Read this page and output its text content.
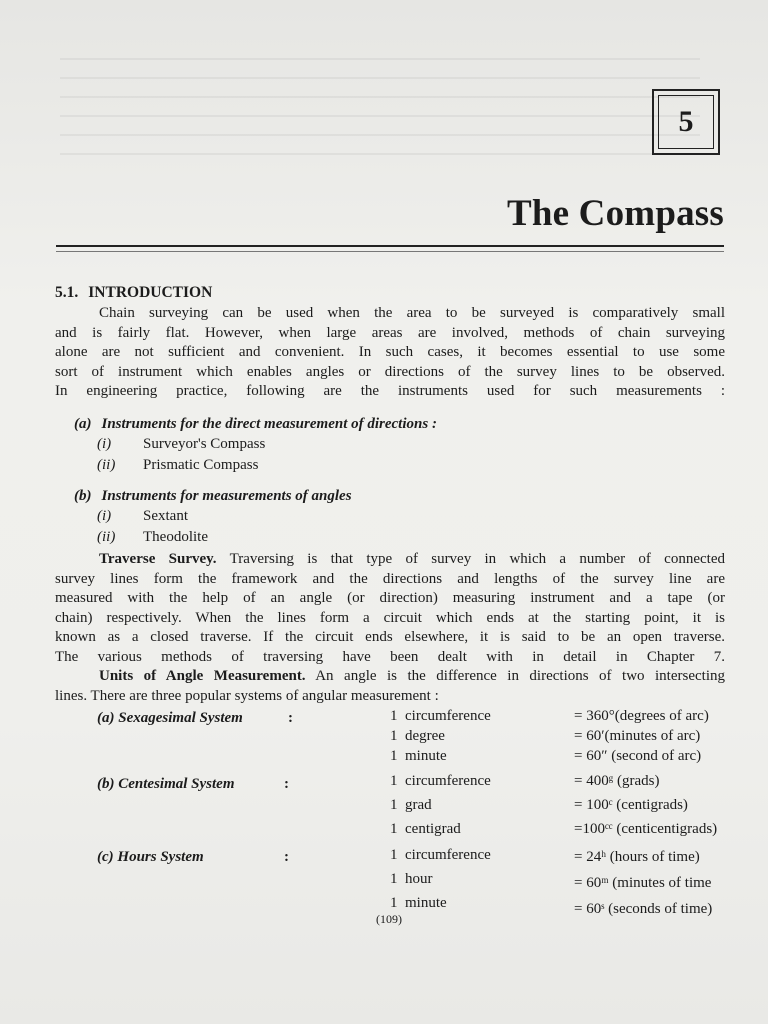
5
The Compass
5.1. INTRODUCTION
Chain surveying can be used when the area to be surveyed is comparatively small
and is fairly flat. However, when large areas are involved, methods of chain surveying
alone are not sufficient and convenient. In such cases, it becomes essential to use some
sort of instrument which enables angles or directions of the survey lines to be observed.
In engineering practice, following are the instruments used for such measurements :
(a) Instruments for the direct measurement of directions :
(i) Surveyor's Compass
(ii) Prismatic Compass
(b) Instruments for measurements of angles
(i) Sextant
(ii) Theodolite
Traverse Survey. Traversing is that type of survey in which a number of connected
survey lines form the framework and the directions and lengths of the survey line are
measured with the help of an angle (or direction) measuring instrument and a tape (or
chain) respectively. When the lines form a circuit which ends at the starting point, it is
known as a closed traverse. If the circuit ends elsewhere, it is said to be an open traverse.
The various methods of traversing have been dealt with in detail in Chapter 7.
Units of Angle Measurement. An angle is the difference in directions of two intersecting
lines. There are three popular systems of angular measurement :
(a) Sexagesimal System	:	1 circumference	= 360°(degrees of arc)
1 degree	= 60′(minutes of arc)
1 minute	= 60″ (second of arc)
(b) Centesimal System	:	1 circumference	= 400ᵍ (grads)
1 grad	= 100ᶜ (centigrads)
1 centigrad	=100ᶜᶜ (centicentigrads)
(c) Hours System	:	1 circumference	= 24ʰ (hours of time)
1 hour	= 60ᵐ (minutes of time
1 minute	= 60ˢ (seconds of time)
(109)
